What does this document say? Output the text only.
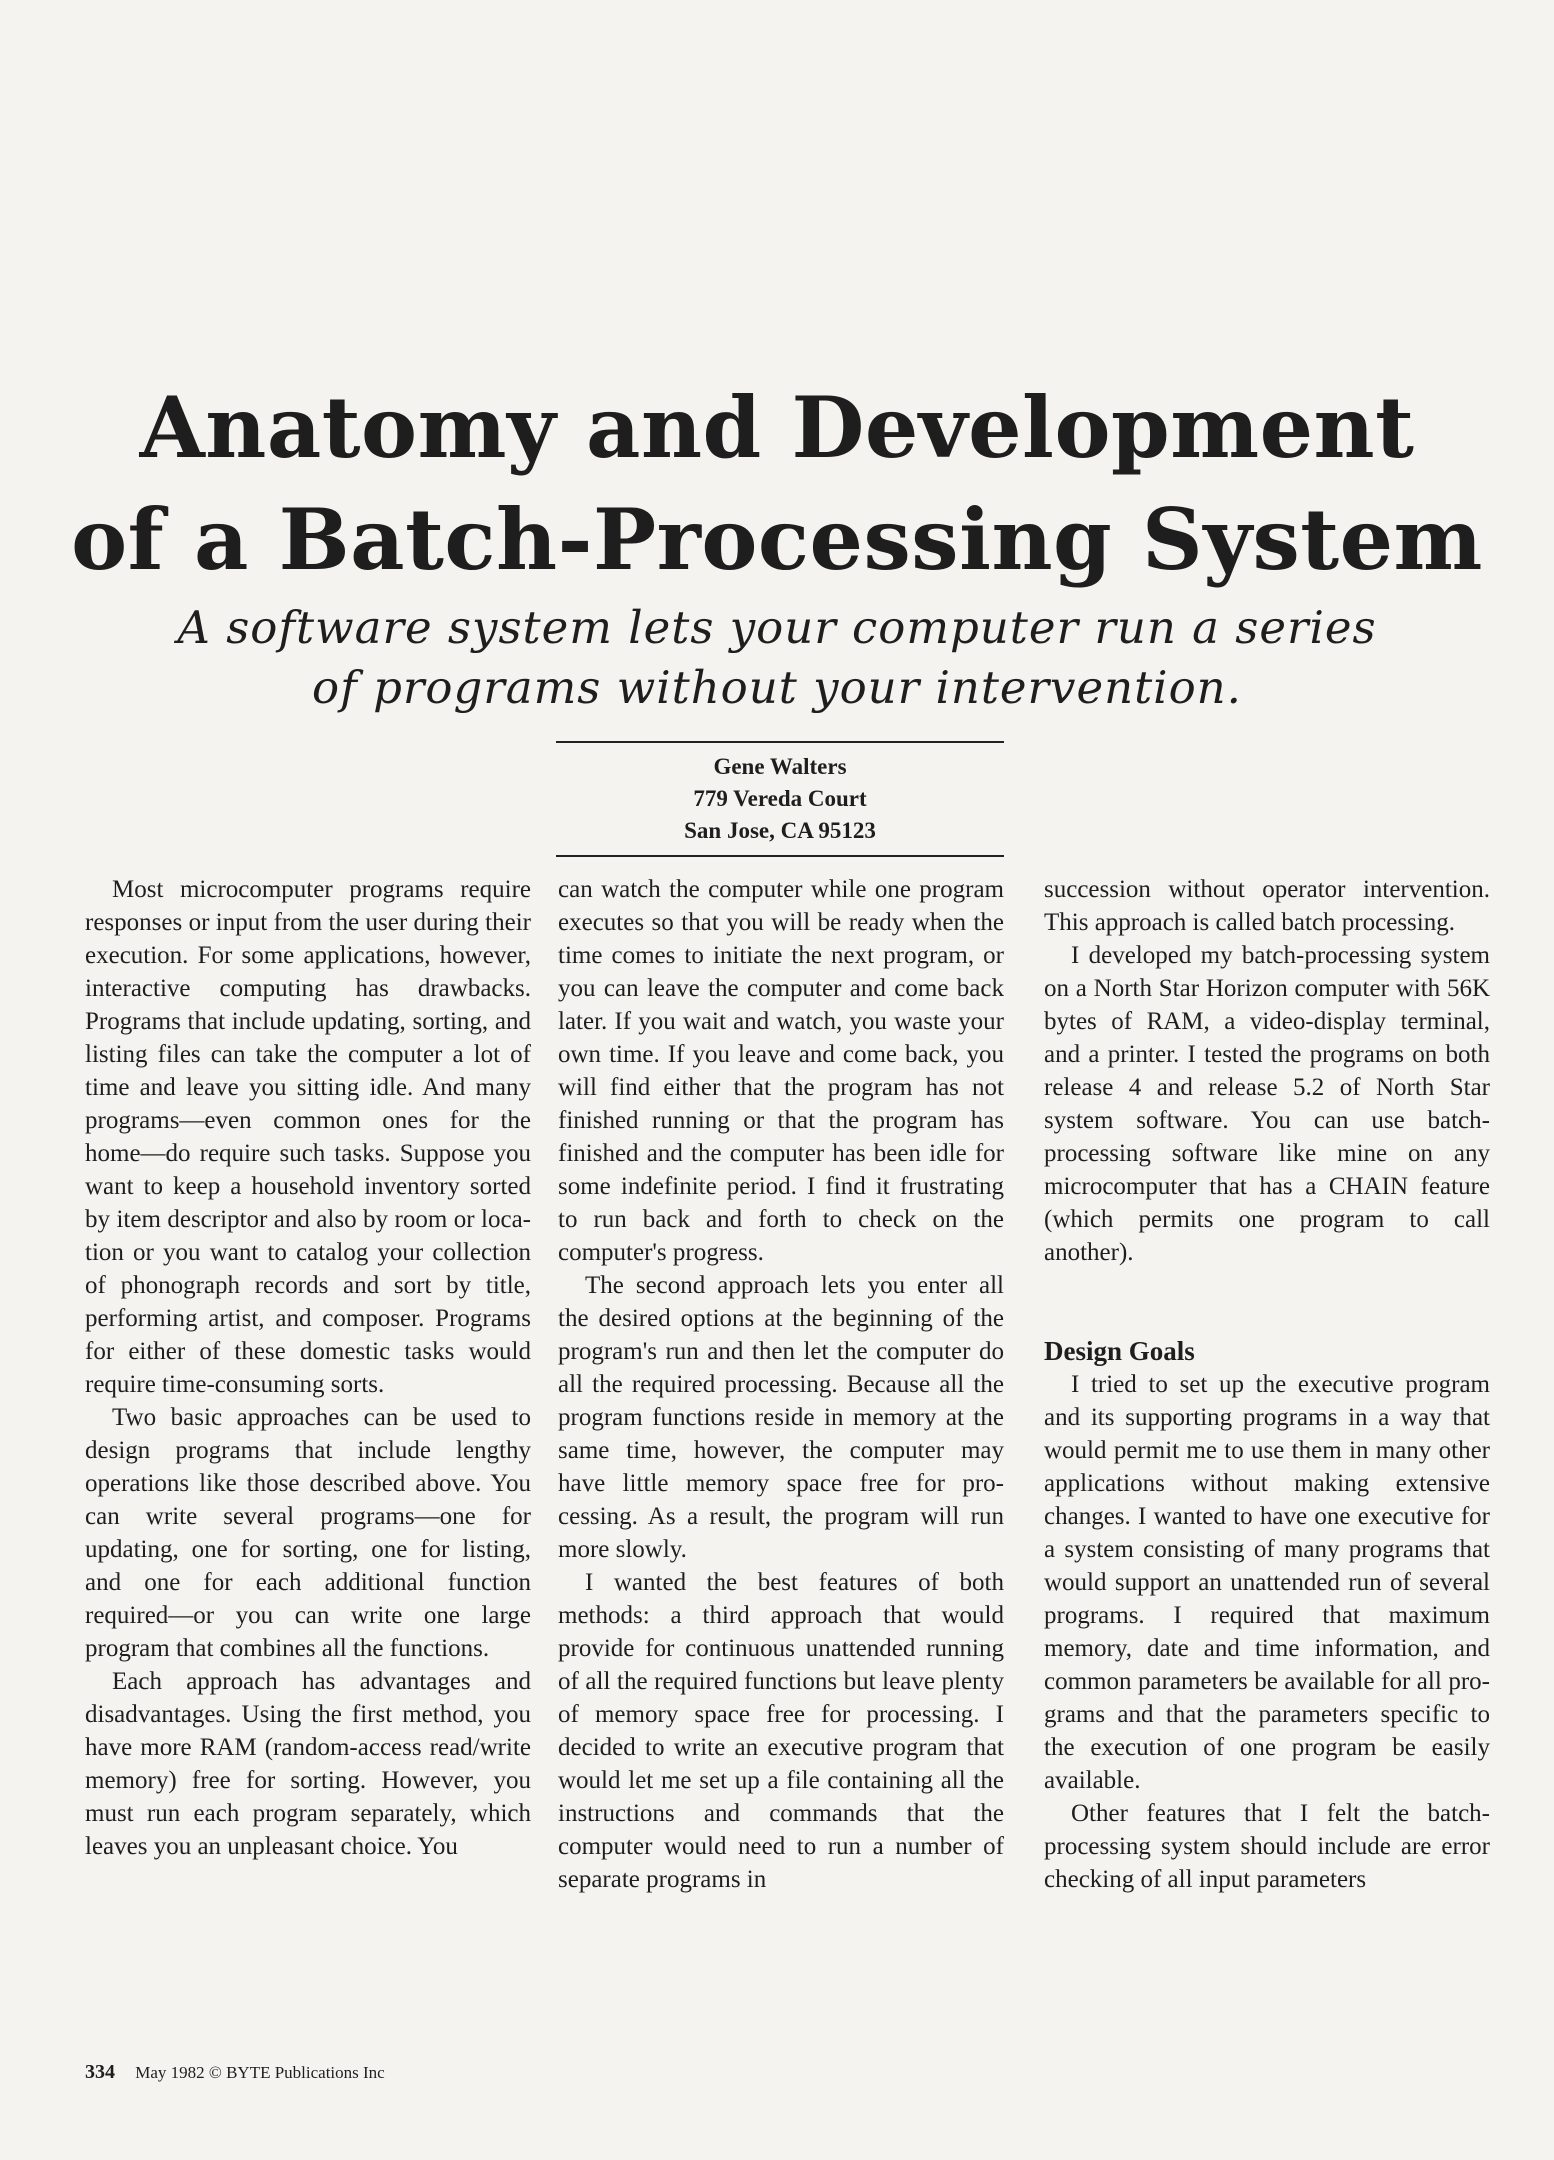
Anatomy and Development
of a Batch-Processing System
A software system lets your computer run a series
of programs without your intervention.
Gene Walters
779 Vereda Court
San Jose, CA 95123

Most microcomputer programs require responses or input from the user during their execution. For some applications, however, interactive computing has drawbacks. Programs that include updating, sorting, and listing files can take the computer a lot of time and leave you sitting idle. And many programs—even common ones for the home—do require such tasks. Suppose you want to keep a household inventory sorted by item descriptor and also by room or location or you want to catalog your collection of phonograph records and sort by title, performing artist, and composer. Programs for either of these domestic tasks would require time-consuming sorts.

Two basic approaches can be used to design programs that include lengthy operations like those described above. You can write several programs—one for updating, one for sorting, one for listing, and one for each additional function required—or you can write one large program that combines all the functions.

Each approach has advantages and disadvantages. Using the first method, you have more RAM (random-access read/write memory) free for sorting. However, you must run each program separately, which leaves you an unpleasant choice. You

can watch the computer while one program executes so that you will be ready when the time comes to initiate the next program, or you can leave the computer and come back later. If you wait and watch, you waste your own time. If you leave and come back, you will find either that the program has not finished running or that the program has finished and the computer has been idle for some indefinite period. I find it frustrating to run back and forth to check on the computer's progress.

The second approach lets you enter all the desired options at the beginning of the program's run and then let the computer do all the required processing. Because all the program functions reside in memory at the same time, however, the computer may have little memory space free for processing. As a result, the program will run more slowly.

I wanted the best features of both methods: a third approach that would provide for continuous unattended running of all the required functions but leave plenty of memory space free for processing. I decided to write an executive program that would let me set up a file containing all the instructions and commands that the computer would need to run a number of separate programs in

succession without operator intervention. This approach is called batch processing.

I developed my batch-processing system on a North Star Horizon computer with 56K bytes of RAM, a video-display terminal, and a printer. I tested the programs on both release 4 and release 5.2 of North Star system software. You can use batchprocessing software like mine on any microcomputer that has a CHAIN feature (which permits one program to call another).

Design Goals

I tried to set up the executive program and its supporting programs in a way that would permit me to use them in many other applications without making extensive changes. I wanted to have one executive for a system consisting of many programs that would support an unattended run of several programs. I required that maximum memory, date and time information, and common parameters be available for all programs and that the parameters specific to the execution of one program be easily available.

Other features that I felt the batchprocessing system should include are error checking of all input parameters

334 May 1982 © BYTE Publications Inc
